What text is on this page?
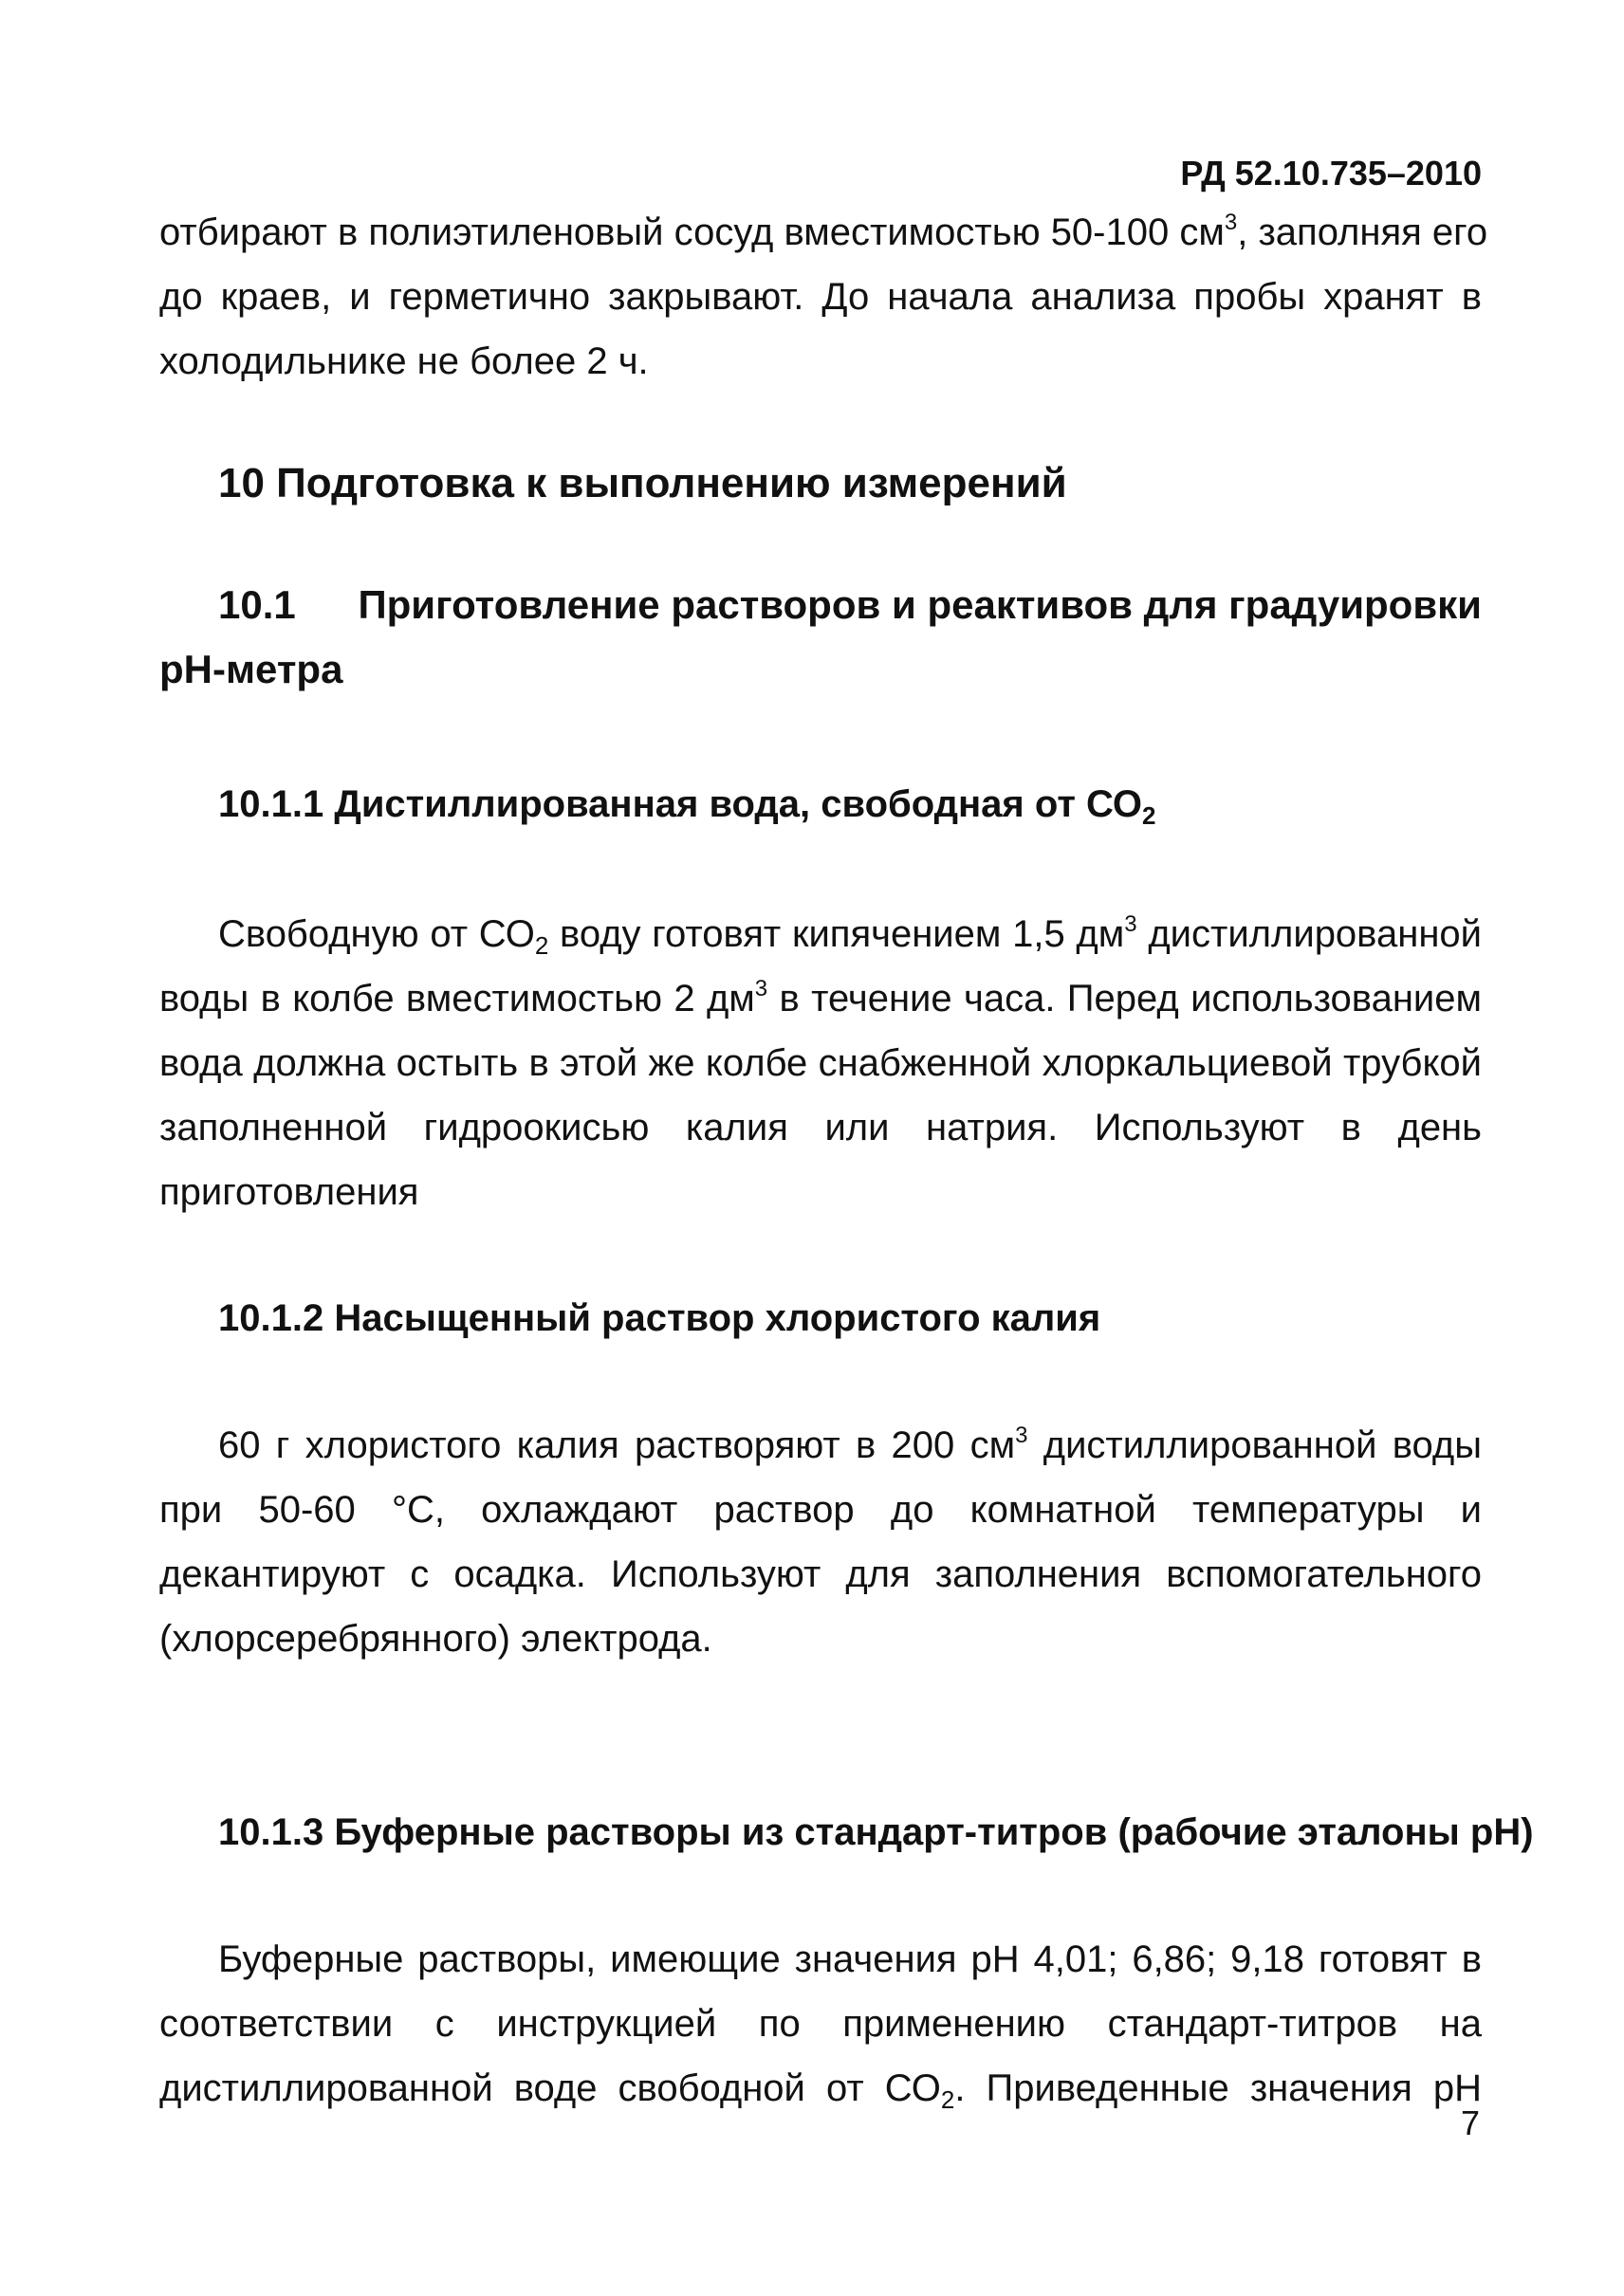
РД 52.10.735–2010
отбирают в полиэтиленовый сосуд вместимостью 50-100 $см^3$, заполняя его
до краев, и герметично закрывают. До начала анализа пробы хранят в
холодильнике не более 2 ч.
10 Подготовка к выполнению измерений
10.1	Приготовление растворов и реактивов для градуировки
pH-метра
10.1.1 Дистиллированная вода, свободная от $СО_2$
Свободную от $СО_2$ воду готовят кипячением 1,5 $дм^3$ дистиллированной
воды в колбе вместимостью 2 $дм^3$ в течение часа. Перед использованием
вода должна остыть в этой же колбе снабженной хлоркальциевой трубкой
заполненной гидроокисью калия или натрия. Используют в день
приготовления
10.1.2 Насыщенный раствор хлористого калия
60 г хлористого калия растворяют в 200 $см^3$ дистиллированной воды
при 50-60 °С, охлаждают раствор до комнатной температуры и
декантируют с осадка. Используют для заполнения вспомогательного
(хлорсеребрянного) электрода.
10.1.3 Буферные растворы из стандарт-титров (рабочие эталоны рН)
Буферные растворы, имеющие значения рН 4,01; 6,86; 9,18 готовят в
соответствии с инструкцией по применению стандарт-титров на
дистиллированной воде свободной от $СО_2$. Приведенные значения рН
7
